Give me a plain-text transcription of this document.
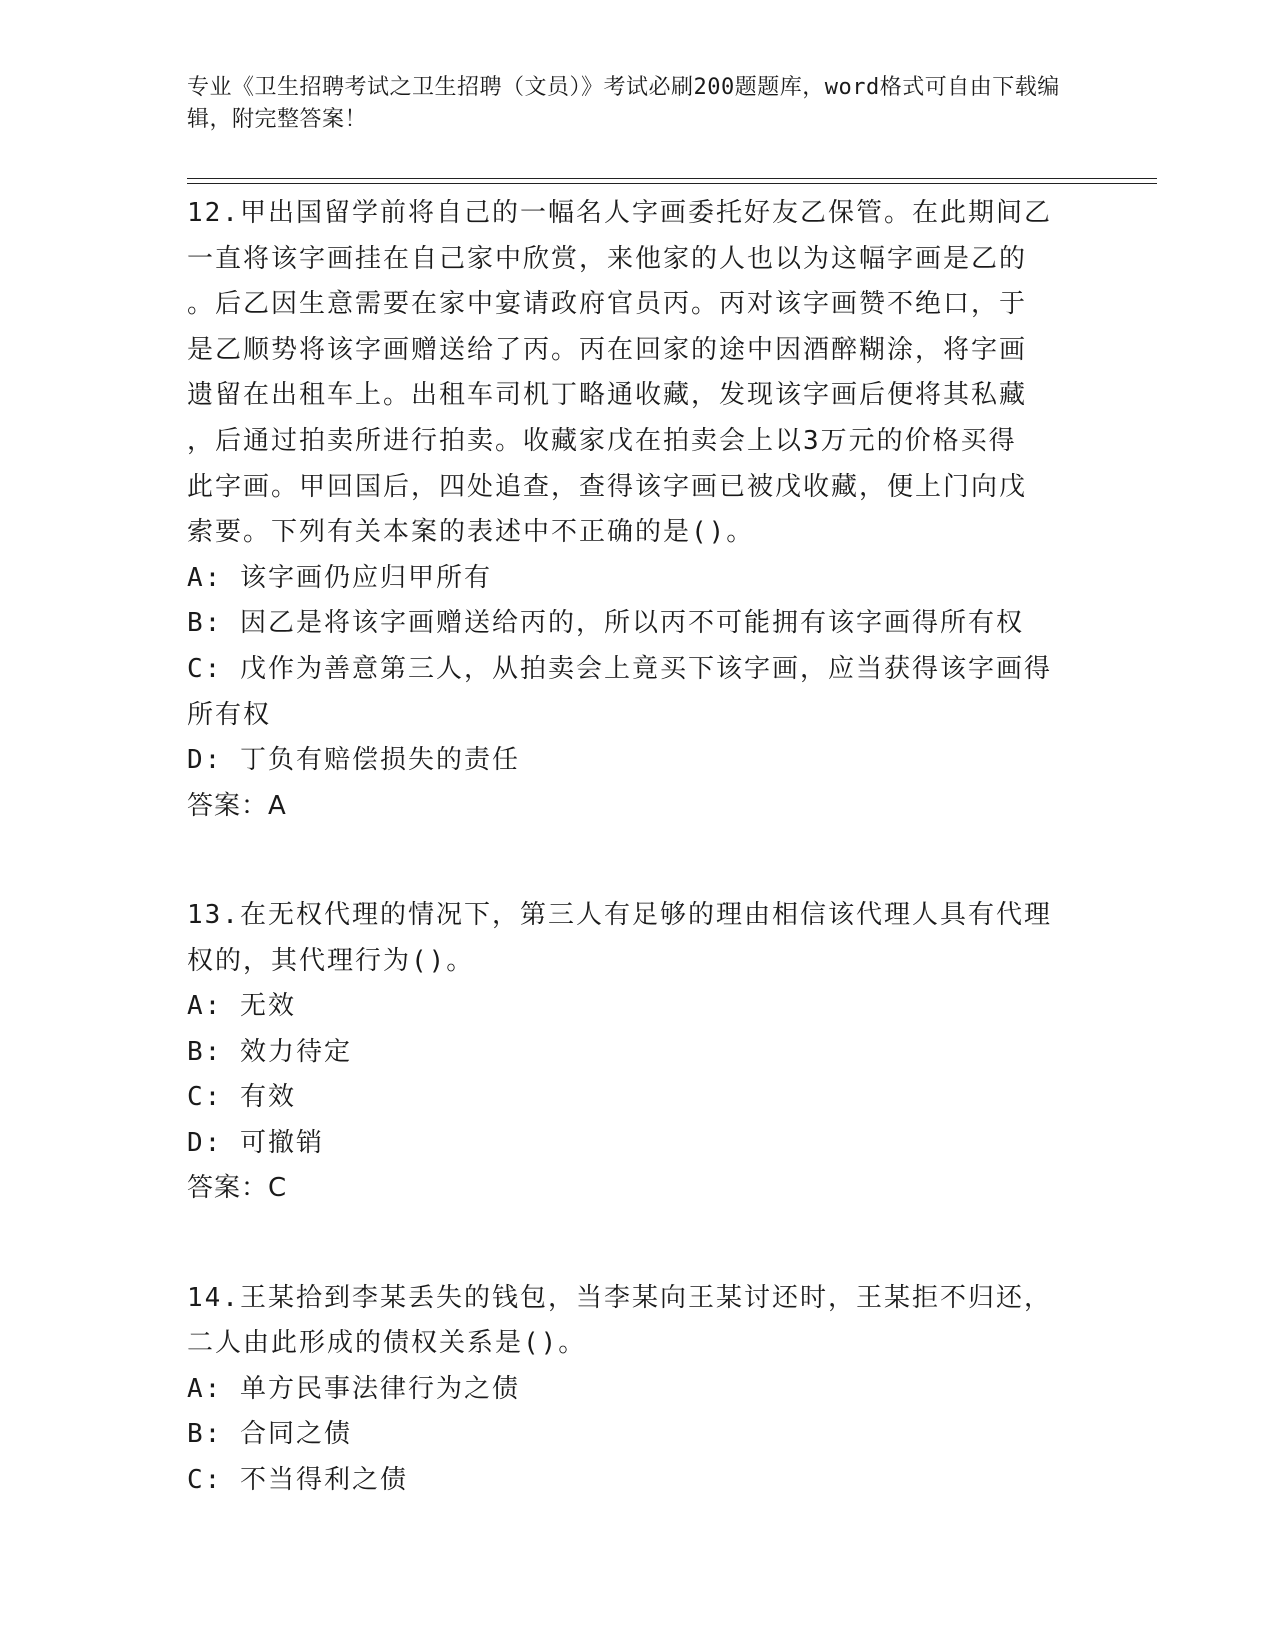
专业《卫生招聘考试之卫生招聘（文员）》考试必刷200题题库，word格式可自由下载编辑，附完整答案！

12.甲出国留学前将自己的一幅名人字画委托好友乙保管。在此期间乙

一直将该字画挂在自己家中欣赏，来他家的人也以为这幅字画是乙的

。后乙因生意需要在家中宴请政府官员丙。丙对该字画赞不绝口，于

是乙顺势将该字画赠送给了丙。丙在回家的途中因酒醉糊涂，将字画

遗留在出租车上。出租车司机丁略通收藏，发现该字画后便将其私藏

，后通过拍卖所进行拍卖。收藏家戊在拍卖会上以3万元的价格买得

此字画。甲回国后，四处追查，查得该字画已被戊收藏，便上门向戊

索要。下列有关本案的表述中不正确的是()。

A: 该字画仍应归甲所有

B: 因乙是将该字画赠送给丙的，所以丙不可能拥有该字画得所有权

C: 戊作为善意第三人，从拍卖会上竟买下该字画，应当获得该字画得

所有权

D: 丁负有赔偿损失的责任

答案：A

13.在无权代理的情况下，第三人有足够的理由相信该代理人具有代理

权的，其代理行为()。

A: 无效

B: 效力待定

C: 有效

D: 可撤销

答案：C

14.王某拾到李某丢失的钱包，当李某向王某讨还时，王某拒不归还，

二人由此形成的债权关系是()。

A: 单方民事法律行为之债

B: 合同之债

C: 不当得利之债
